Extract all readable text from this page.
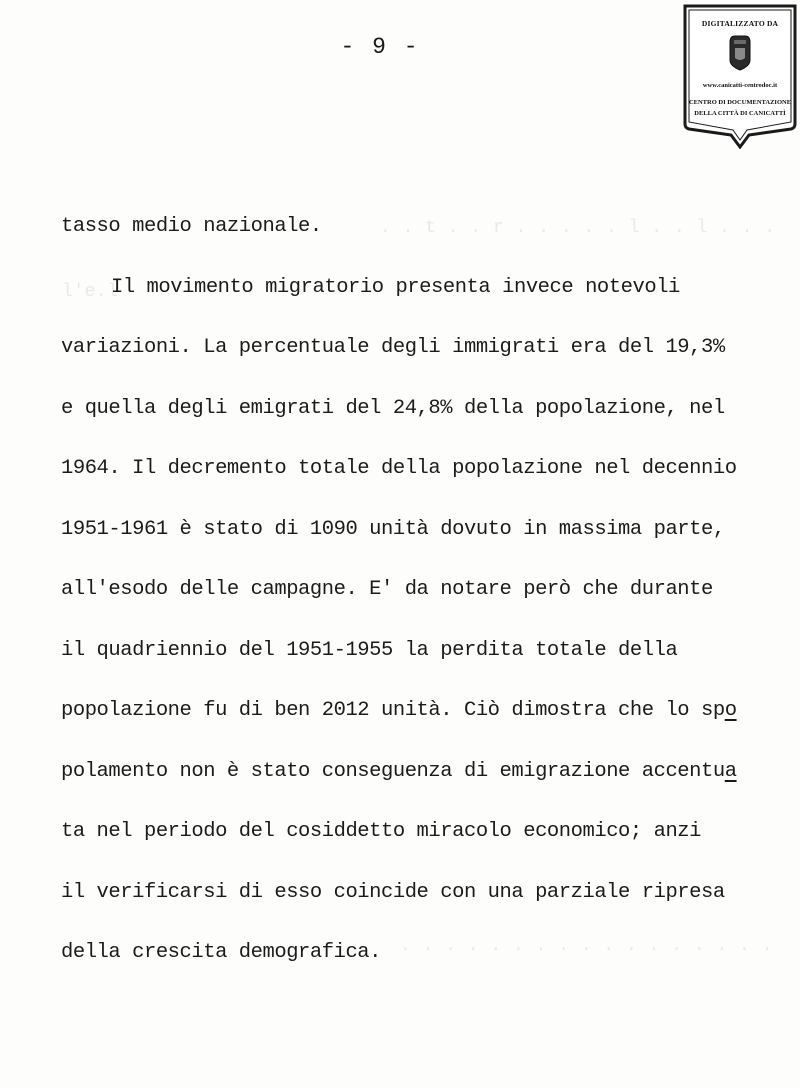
- 9 -
DIGITALIZZATO DA
www.canicatti-centrodoc.it
CENTRO DI DOCUMENTAZIONE
DELLA CITTÀ DI CANICATTÌ
. . t . . r . . . . . l . . l . . .
l'e.l
. . . . . . . . . . . . . . . . .
tasso medio nazionale.
Il movimento migratorio presenta invece notevoli
variazioni. La percentuale degli immigrati era del 19,3%
e quella degli emigrati del 24,8% della popolazione, nel
1964. Il decremento totale della popolazione nel decennio
1951-1961 è stato di 1090 unità dovuto in massima parte,
all'esodo delle campagne. E' da notare però che durante
il quadriennio del 1951-1955 la perdita totale della
popolazione fu di ben 2012 unità. Ciò dimostra che lo spo
polamento non è stato conseguenza di emigrazione accentua
ta nel periodo del cosiddetto miracolo economico; anzi
il verificarsi di esso coincide con una parziale ripresa
della crescita demografica.
